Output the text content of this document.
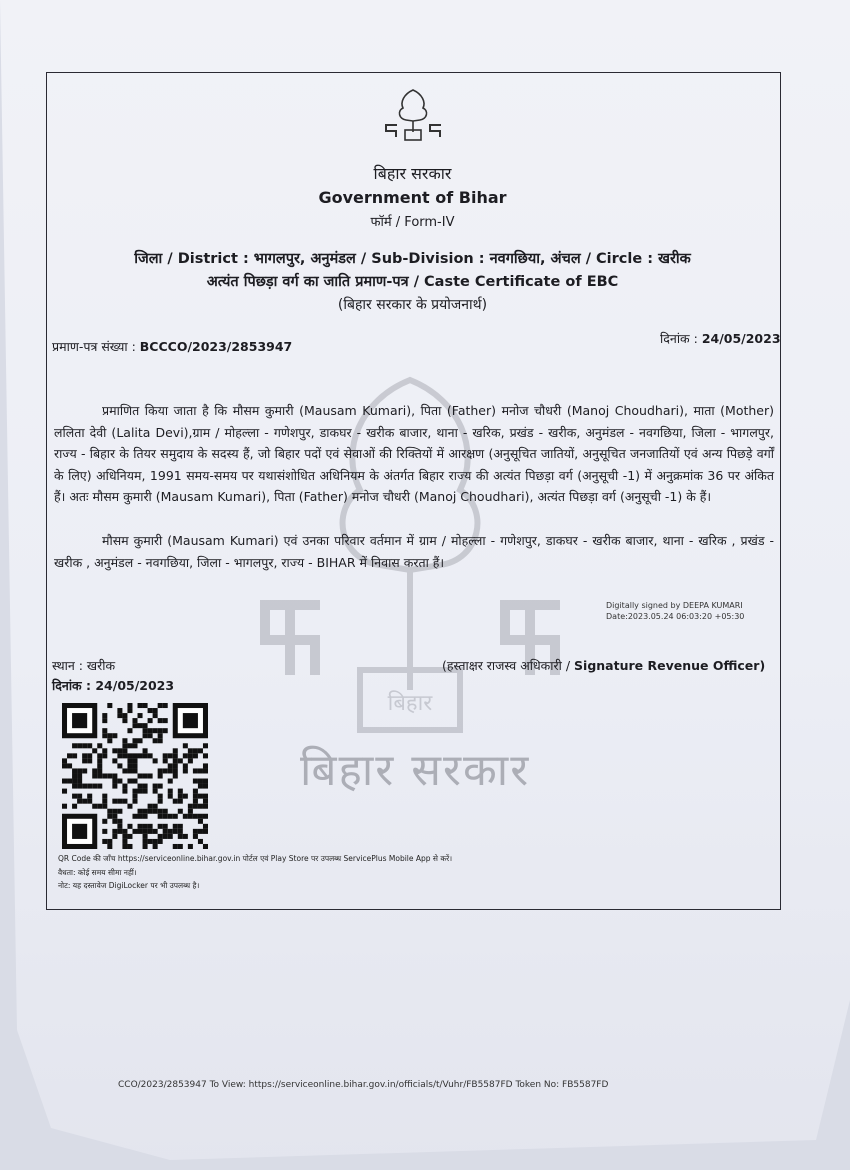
बिहार
बिहार सरकार
बिहार सरकार
Government of Bihar
फॉर्म / Form-IV
जिला / District : भागलपुर, अनुमंडल / Sub-Division : नवगछिया, अंचल / Circle : खरीक
अत्यंत पिछड़ा वर्ग का जाति प्रमाण-पत्र / Caste Certificate of EBC
(बिहार सरकार के प्रयोजनार्थ)
प्रमाण-पत्र संख्या : BCCCO/2023/2853947
दिनांक : 24/05/2023
प्रमाणित किया जाता है कि मौसम कुमारी (Mausam Kumari), पिता (Father) मनोज चौधरी (Manoj Choudhari), माता (Mother) ललिता देवी (Lalita Devi),ग्राम / मोहल्ला - गणेशपुर, डाकघर - खरीक बाजार, थाना - खरिक, प्रखंड - खरीक, अनुमंडल - नवगछिया, जिला - भागलपुर, राज्य - बिहार के तियर समुदाय के सदस्य हैं, जो बिहार पदों एवं सेवाओं की रिक्तियों में आरक्षण (अनुसूचित जातियों, अनुसूचित जनजातियों एवं अन्य पिछड़े वर्गों के लिए) अधिनियम, 1991 समय-समय पर यथासंशोधित अधिनियम के अंतर्गत बिहार राज्य की अत्यंत पिछड़ा वर्ग (अनुसूची -1) में अनुक्रमांक 36 पर अंकित हैं। अतः मौसम कुमारी (Mausam Kumari), पिता (Father) मनोज चौधरी (Manoj Choudhari), अत्यंत पिछड़ा वर्ग (अनुसूची -1) के हैं।
मौसम कुमारी (Mausam Kumari) एवं उनका परिवार वर्तमान में ग्राम / मोहल्ला - गणेशपुर, डाकघर - खरीक बाजार, थाना - खरिक , प्रखंड - खरीक , अनुमंडल - नवगछिया, जिला - भागलपुर, राज्य - BIHAR में निवास करता हैं।
Digitally signed by DEEPA KUMARI
Date:2023.05.24 06:03:20 +05:30
स्थान : खरीक
दिनांक : 24/05/2023
(हस्ताक्षर राजस्व अधिकारी / Signature Revenue Officer)
QR Code की जाँच https://serviceonline.bihar.gov.in पोर्टल एवं Play Store पर उपलब्ध ServicePlus Mobile App से करें।
वैधता: कोई समय सीमा नहीं।
नोट: यह दस्तावेज DigiLocker पर भी उपलब्ध है।
CCO/2023/2853947 To View: https://serviceonline.bihar.gov.in/officials/t/Vuhr/FB5587FD Token No: FB5587FD
